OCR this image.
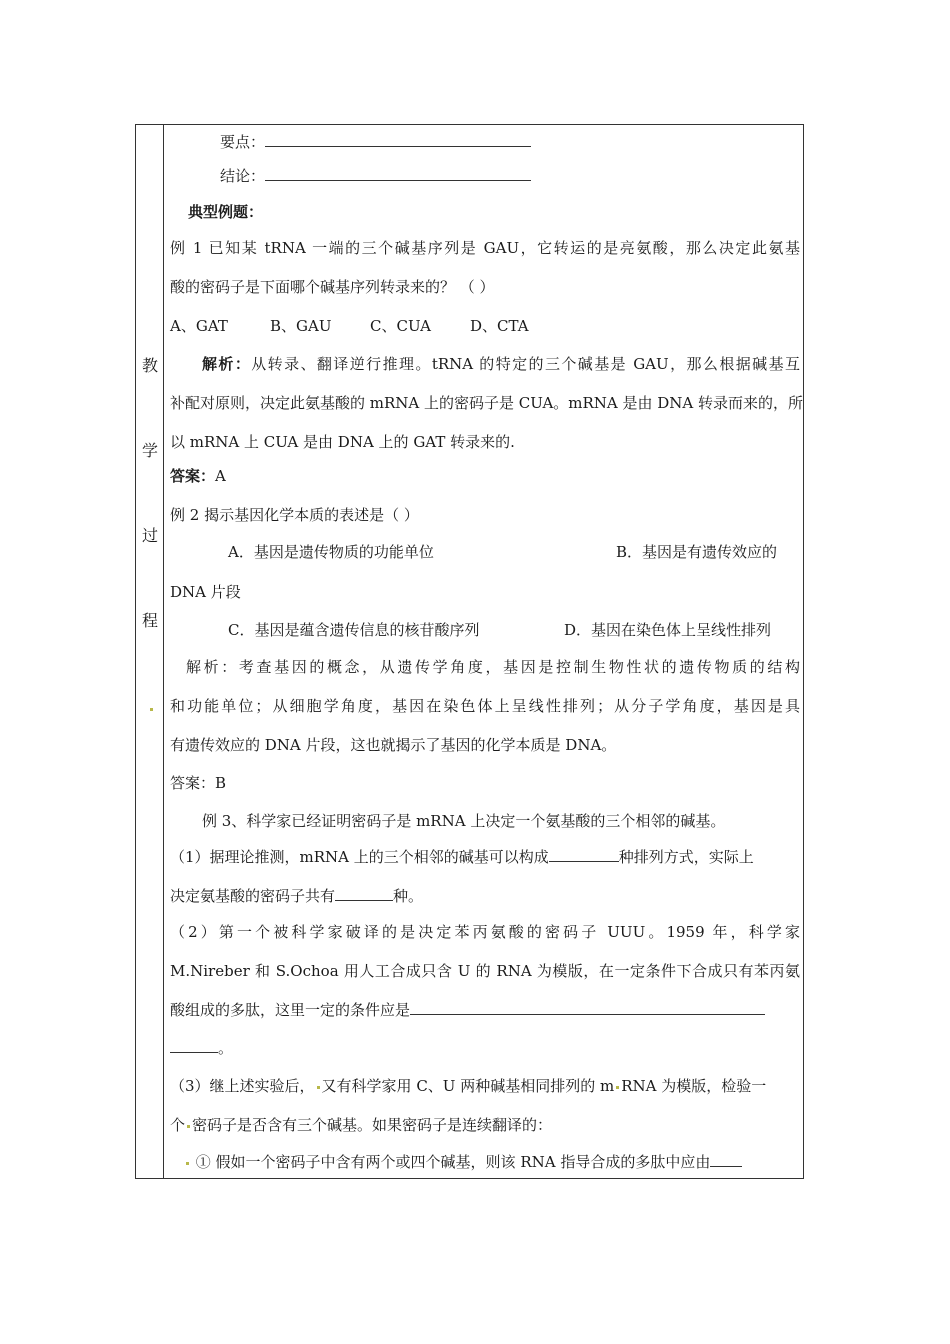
教
学
过
程
要点：
结论：
典型例题：
例 1 已知某 tRNA 一端的三个碱基序列是 GAU，它转运的是亮氨酸，那么决定此氨基
酸的密码子是下面哪个碱基序列转录来的？ （ ）
A、GAT	B、GAU	C、CUA	D、CTA
解析：从转录、翻译逆行推理。tRNA 的特定的三个碱基是 GAU，那么根据碱基互
补配对原则，决定此氨基酸的 mRNA 上的密码子是 CUA。mRNA 是由 DNA 转录而来的，所
以 mRNA 上 CUA 是由 DNA 上的 GAT 转录来的.
答案：A
例 2 揭示基因化学本质的表述是（ ）
A．基因是遗传物质的功能单位	B．基因是有遗传效应的
DNA 片段
C．基因是蕴含遗传信息的核苷酸序列	D．基因在染色体上呈线性排列
解析：考查基因的概念，从遗传学角度，基因是控制生物性状的遗传物质的结构
和功能单位；从细胞学角度，基因在染色体上呈线性排列；从分子学角度，基因是具
有遗传效应的 DNA 片段，这也就揭示了基因的化学本质是 DNA。
答案：B
例 3、科学家已经证明密码子是 mRNA 上决定一个氨基酸的三个相邻的碱基。
（1）据理论推测，mRNA 上的三个相邻的碱基可以构成	种排列方式，实际上
决定氨基酸的密码子共有	种。
（2）第一个被科学家破译的是决定苯丙氨酸的密码子 UUU。1959 年，科学家
M.Nireber 和 S.Ochoa 用人工合成只含 U 的 RNA 为模版，在一定条件下合成只有苯丙氨
酸组成的多肽，这里一定的条件应是
。
（3）继上述实验后， 又有科学家用 C、U 两种碱基相同排列的 m RNA 为模版，检验一
个 密码子是否含有三个碱基。如果密码子是连续翻译的：
① 假如一个密码子中含有两个或四个碱基，则该 RNA 指导合成的多肽中应由
